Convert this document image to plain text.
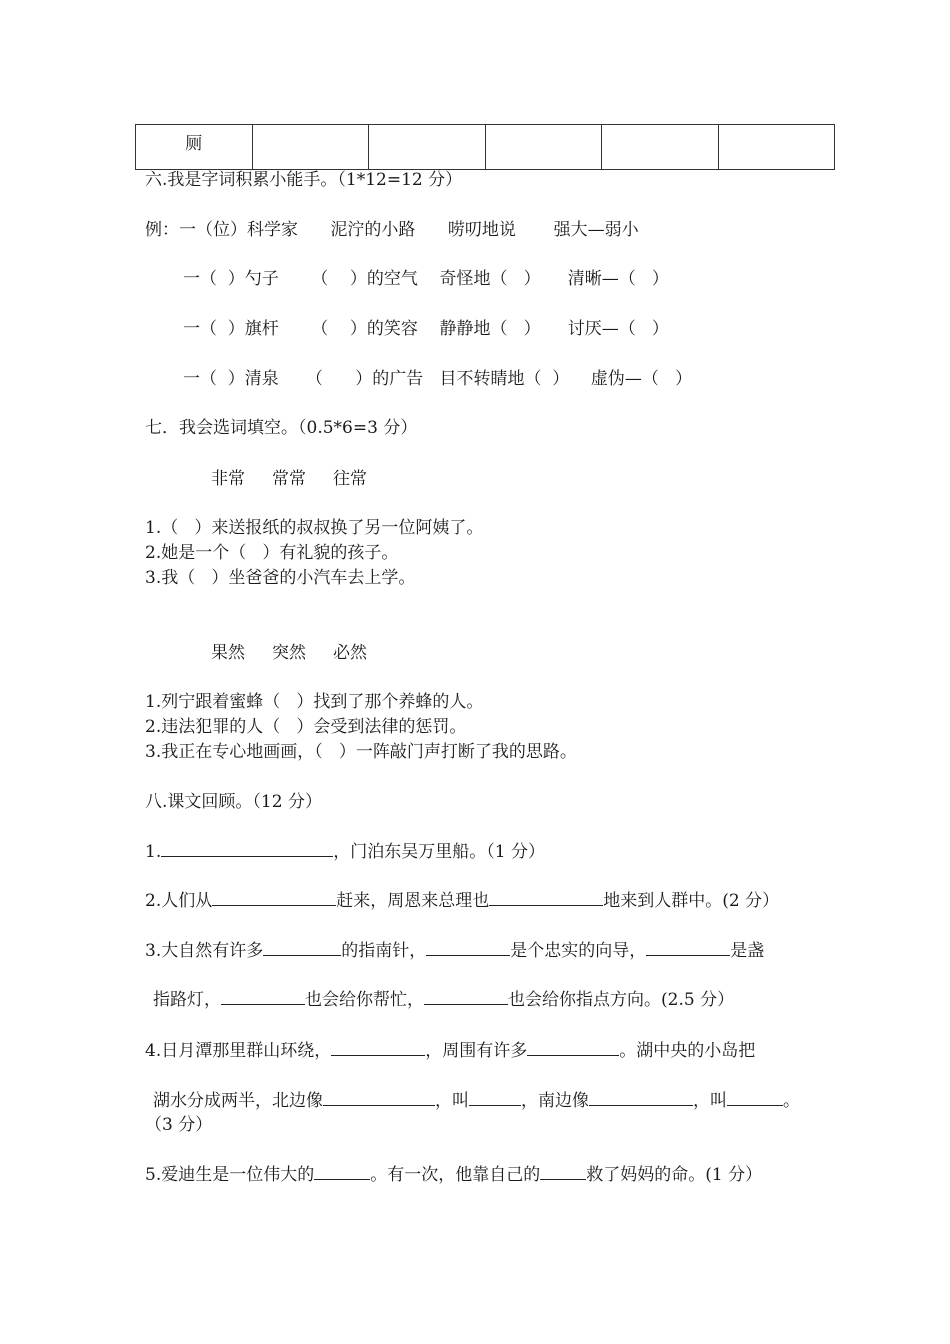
厕					
六.我是字词积累小能手。（1*12=12 分）
例：一（位）科学家      泥泞的小路      唠叨地说       强大—弱小
一（  ）勺子      （    ）的空气    奇怪地（   ）     清晰—（   ）
一（  ）旗杆      （    ）的笑容    静静地（   ）     讨厌—（   ）
一（  ）清泉     （      ）的广告   目不转睛地（  ）    虚伪—（   ）
七．我会选词填空。（0.5*6=3 分）
非常     常常     往常
1.（   ）来送报纸的叔叔换了另一位阿姨了。
2.她是一个（   ）有礼貌的孩子。
3.我（   ）坐爸爸的小汽车去上学。
果然     突然     必然
1.列宁跟着蜜蜂（   ）找到了那个养蜂的人。
2.违法犯罪的人（   ）会受到法律的惩罚。
3.我正在专心地画画，（   ）一阵敲门声打断了我的思路。
八.课文回顾。（12 分）
1.	，门泊东吴万里船。（1 分）
2.人们从	赶来，周恩来总理也	地来到人群中。(2 分）
3.大自然有许多	的指南针，	是个忠实的向导，	是盏
指路灯，	也会给你帮忙，	也会给你指点方向。(2.5 分）
4.日月潭那里群山环绕，	，周围有许多	。湖中央的小岛把
湖水分成两半，北边像	，叫	，南边像	，叫	。
（3 分）
5.爱迪生是一位伟大的	。有一次，他靠自己的	救了妈妈的命。(1 分）
